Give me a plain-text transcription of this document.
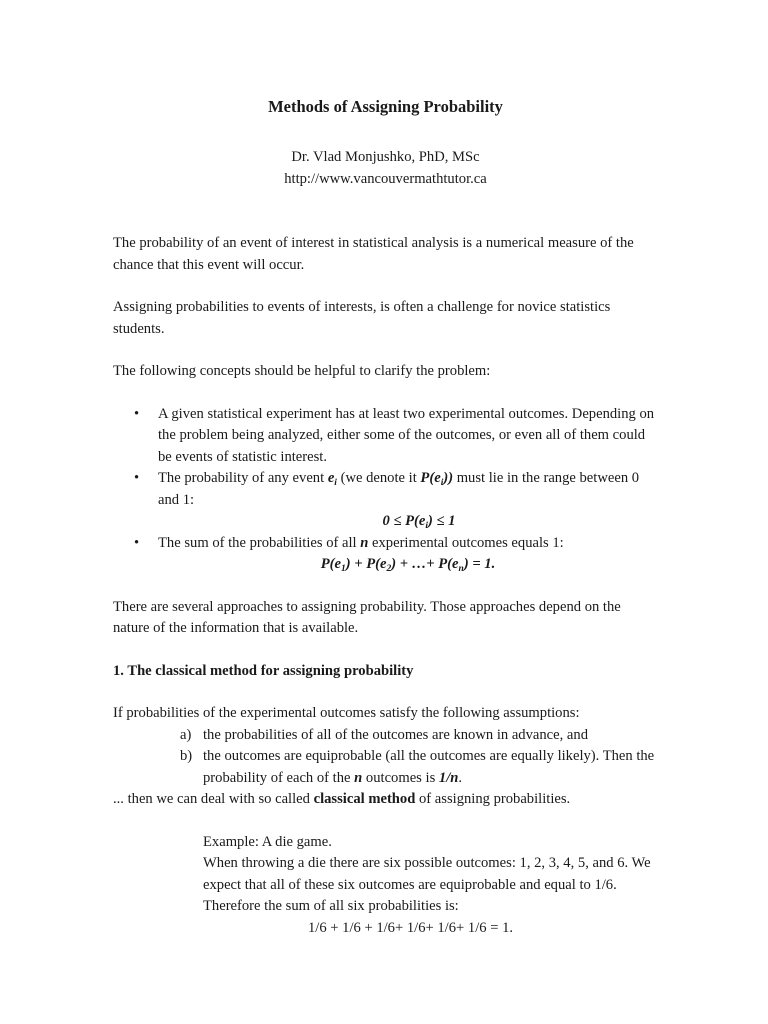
Methods of Assigning Probability
Dr. Vlad Monjushko, PhD, MSc
http://www.vancouvermathtutor.ca

The probability of an event of interest in statistical analysis is a numerical measure of the chance that this event will occur.

Assigning probabilities to events of interests, is often a challenge for novice statistics students.

The following concepts should be helpful to clarify the problem:

• A given statistical experiment has at least two experimental outcomes. Depending on the problem being analyzed, either some of the outcomes, or even all of them could be events of statistic interest.
• The probability of any event $e_i$ (we denote it $P(e_i)$) must lie in the range between 0 and 1:
$0 \le P(e_i) \le 1$
• The sum of the probabilities of all n experimental outcomes equals 1:
$P(e_1) + P(e_2)$ + …+ $P(e_n) = 1$.

There are several approaches to assigning probability. Those approaches depend on the nature of the information that is available.

1. The classical method for assigning probability

If probabilities of the experimental outcomes satisfy the following assumptions:

a) the probabilities of all of the outcomes are known in advance, and
b) the outcomes are equiprobable (all the outcomes are equally likely). Then the probability of each of the n outcomes is 1/n.

... then we can deal with so called classical method of assigning probabilities.

Example: A die game.
When throwing a die there are six possible outcomes: 1, 2, 3, 4, 5, and 6. We expect that all of these six outcomes are equiprobable and equal to 1/6. Therefore the sum of all six probabilities is:
1/6 + 1/6 + 1/6+ 1/6+ 1/6+ 1/6 = 1.
